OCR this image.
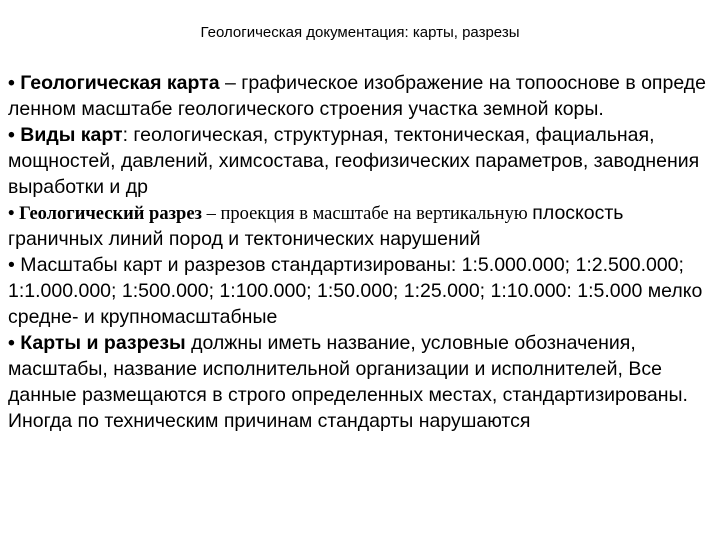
Геологическая документация: карты, разрезы
• Геологическая карта – графическое изображение на топооснове в опреде
ленном масштабе геологического строения участка земной коры.
• Виды карт: геологическая, структурная, тектоническая, фациальная,
мощностей, давлений, химсостава, геофизических параметров, заводнения
выработки и др
• Геологический разрез – проекция в масштабе на вертикальную плоскость
граничных линий пород и тектонических нарушений
• Масштабы карт и разрезов стандартизированы: 1:5.000.000; 1:2.500.000;
1:1.000.000; 1:500.000; 1:100.000; 1:50.000; 1:25.000; 1:10.000: 1:5.000 мелко
средне- и крупномасштабные
• Карты и разрезы должны иметь название, условные обозначения,
масштабы, название исполнительной организации и исполнителей, Все
данные размещаются в строго определенных местах, стандартизированы.
Иногда по техническим причинам стандарты нарушаются
